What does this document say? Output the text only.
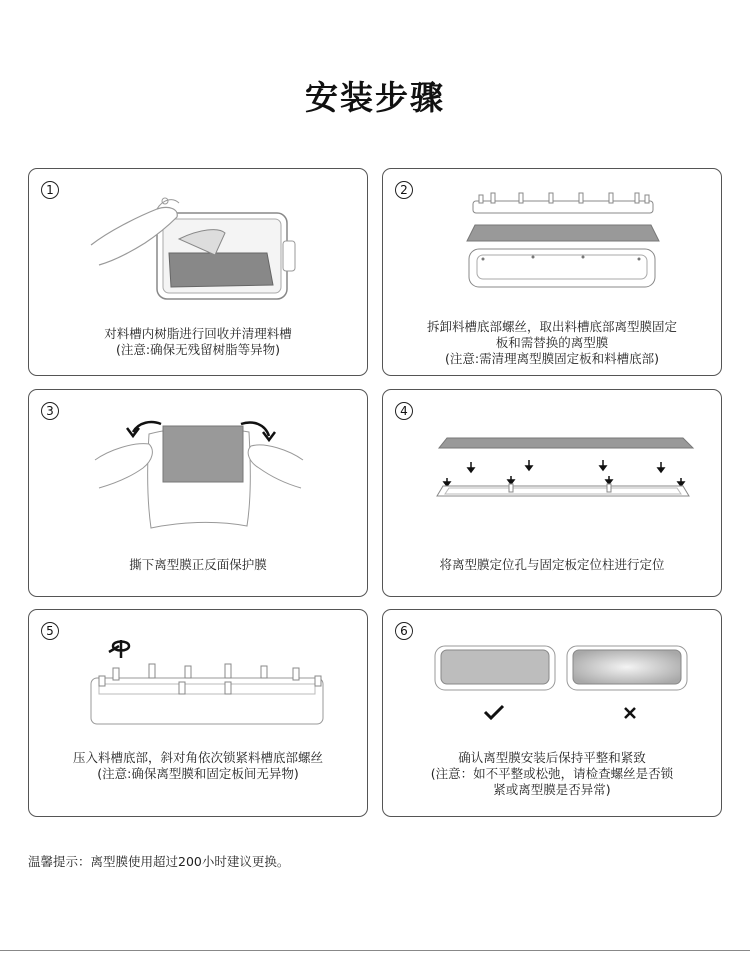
安装步骤
1
对料槽内树脂进行回收并清理料槽
(注意:确保无残留树脂等异物)
2
拆卸料槽底部螺丝，取出料槽底部离型膜固定
板和需替换的离型膜
(注意:需清理离型膜固定板和料槽底部)
3
撕下离型膜正反面保护膜
4
将离型膜定位孔与固定板定位柱进行定位
5
压入料槽底部，斜对角依次锁紧料槽底部螺丝
(注意:确保离型膜和固定板间无异物)
6
确认离型膜安装后保持平整和紧致
(注意：如不平整或松弛，请检查螺丝是否锁
紧或离型膜是否异常)
温馨提示：离型膜使用超过200小时建议更换。
